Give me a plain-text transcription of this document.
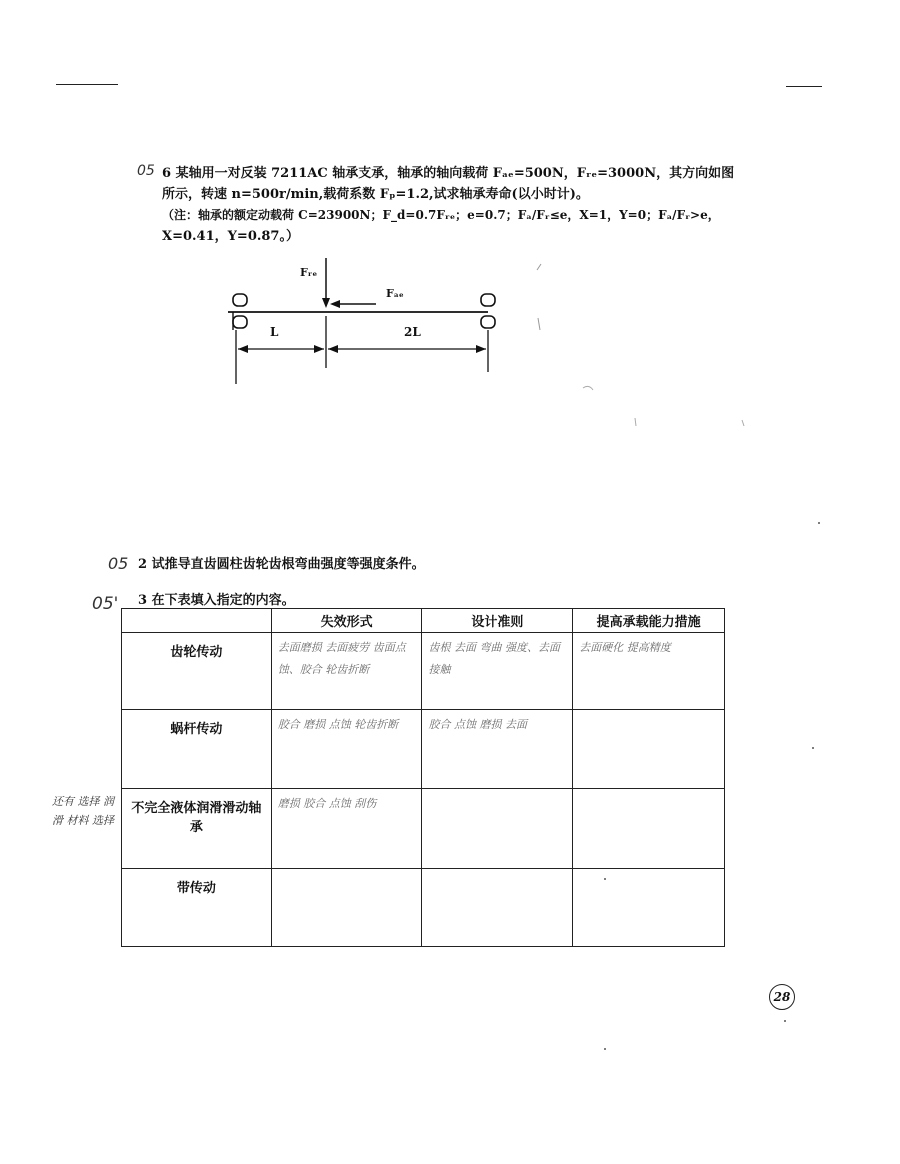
05 6 某轴用一对反装 7211AC 轴承支承，轴承的轴向载荷 Fₐₑ=500N，Fᵣₑ=3000N，其方向如图
所示，转速 n=500r/min,载荷系数 Fₚ=1.2,试求轴承寿命(以小时计)。
（注：轴承的额定动载荷 C=23900N；F_d=0.7Fᵣₑ；e=0.7；Fₐ/Fᵣ≤e，X=1，Y=0；Fₐ/Fᵣ>e，
X=0.41，Y=0.87。）
Fᵣₑ
Fₐₑ
L	2L
05 2 试推导直齿圆柱齿轮齿根弯曲强度等强度条件。
05' 3 在下表填入指定的内容。
	失效形式	设计准则	提高承载能力措施
齿轮传动	去面磨损 去面疲劳 齿面点蚀、胶合 轮齿折断	齿根 去面 弯曲 强度、去面接触	去面硬化 提高精度
蜗杆传动	胶合 磨损 点蚀 轮齿折断	胶合 点蚀 磨损 去面	
不完全液体润滑滑动轴承	磨损 胶合 点蚀 刮伤		
带传动			
还有 选择 润滑 材料 选择
28
